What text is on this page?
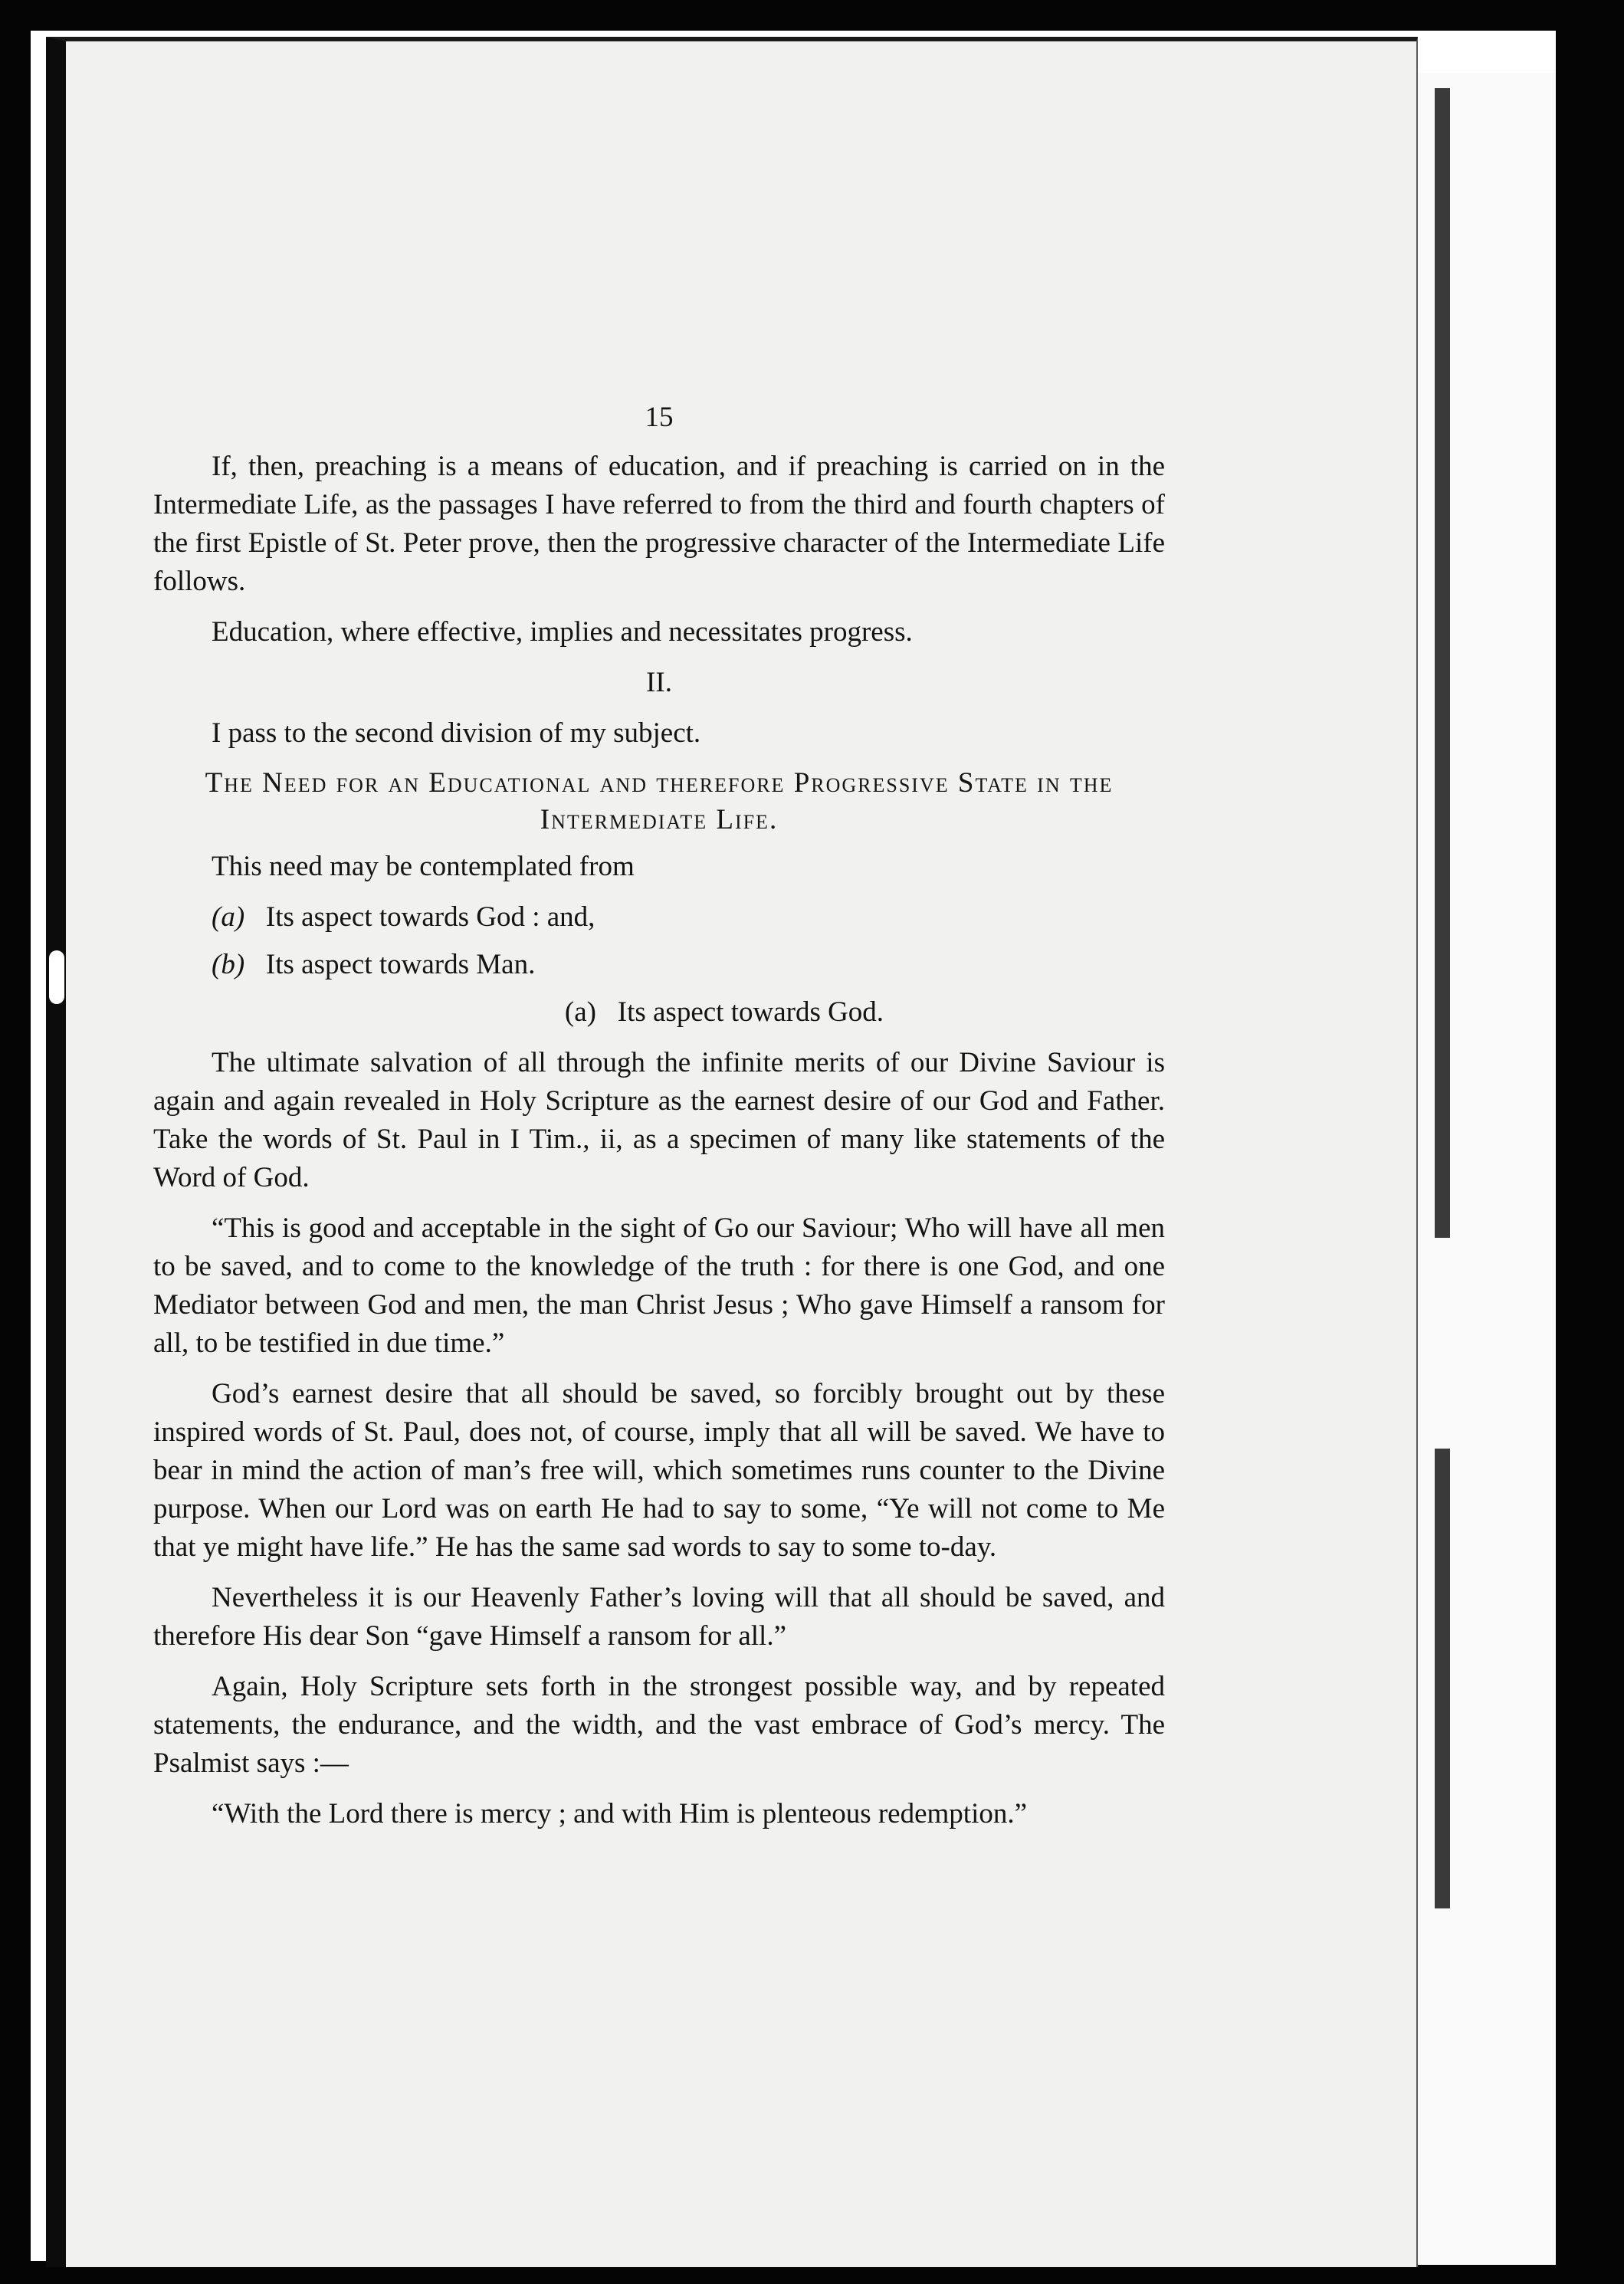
15
If, then, preaching is a means of education, and if preaching is carried on in the Intermediate Life, as the passages I have referred to from the third and fourth chapters of the first Epistle of St. Peter prove, then the progressive character of the Intermediate Life follows.
Education, where effective, implies and necessitates progress.
II.
I pass to the second division of my subject.
The Need for an Educational and therefore Progressive State in the Intermediate Life.
This need may be contemplated from
(a) Its aspect towards God : and,
(b) Its aspect towards Man.
(a) Its aspect towards God.
The ultimate salvation of all through the infinite merits of our Divine Saviour is again and again revealed in Holy Scripture as the earnest desire of our God and Father. Take the words of St. Paul in I Tim., ii, as a specimen of many like statements of the Word of God.
“This is good and acceptable in the sight of Go our Saviour; Who will have all men to be saved, and to come to the knowledge of the truth : for there is one God, and one Mediator between God and men, the man Christ Jesus ; Who gave Himself a ransom for all, to be testified in due time.”
God’s earnest desire that all should be saved, so forcibly brought out by these inspired words of St. Paul, does not, of course, imply that all will be saved. We have to bear in mind the action of man’s free will, which sometimes runs counter to the Divine purpose. When our Lord was on earth He had to say to some, “Ye will not come to Me that ye might have life.” He has the same sad words to say to some to-day.
Nevertheless it is our Heavenly Father’s loving will that all should be saved, and therefore His dear Son “gave Himself a ransom for all.”
Again, Holy Scripture sets forth in the strongest possible way, and by repeated statements, the endurance, and the width, and the vast embrace of God’s mercy. The Psalmist says :—
“With the Lord there is mercy ; and with Him is plenteous redemption.”
